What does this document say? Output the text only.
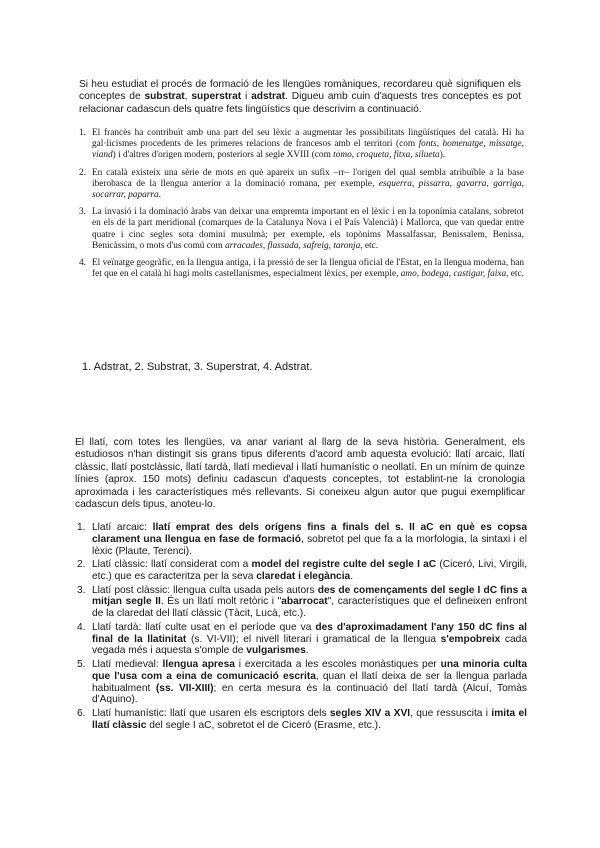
Si heu estudiat el procés de formació de les llengües romàniques, recordareu què signifiquen els conceptes de substrat, superstrat i adstrat. Digueu amb cuin d'aquests tres conceptes es pot relacionar cadascun dels quatre fets lingüístics que descrivim a continuació.

1. El francès ha contribuït amb una part del seu lèxic a augmentar les possibilitats lingüístiques del català. Hi ha gal·licismes procedents de les primeres relacions de francesos amb el territori (com fonts, homenatge, missatge, viand) i d'altres d'origen modern, posteriors al segle XVIII (com tomo, croqueta, fitxa, silueta).

2. En català existeix una sèrie de mots en què apareix un sufix –rr– l'origen del qual sembla atribuïble a la base iberobasca de la llengua anterior a la dominació romana, per exemple, esquerra, pissarra, gavarra, garriga, socarrar, paparra.

3. La invasió i la dominació àrabs van deixar una empremta important en el lèxic i en la toponímia catalans, sobretot en els de la part meridional (comarques de la Catalunya Nova i el País Valencià) i Mallorca, que van quedar entre quatre i cinc segles sota domini musulmà; per exemple, els topònims Massalfassar, Benissalem, Benissa, Benicàssim, o mots d'us comú com arracades, flassada, safreig, taronja, etc.

4. El veïnatge geogràfic, en la llengua antiga, i la pressió de ser la llengua oficial de l'Estat, en la llengua moderna, han fet que en el català hi hagi molts castellanismes, especialment lèxics, per exemple, amo, bodega, castigar, faixa, etc.

1. Adstrat, 2. Substrat, 3. Superstrat, 4. Adstrat.

El llatí, com totes les llengües, va anar variant al llarg de la seva història. Generalment, els estudiosos n'han distingit sis grans tipus diferents d'acord amb aquesta evolució: llatí arcaic, llatí clàssic, llatí postclàssic, llatí tardà, llatí medieval i llatí humanístic o neollatí. En un mínim de quinze línies (aprox. 150 mots) definiu cadascun d'aquests conceptes, tot establint-ne la cronologia aproximada i les característiques més rellevants. Si coneixeu algun autor que pugui exemplificar cadascun dels tipus, anoteu-lo.

1. Llatí arcaic: llatí emprat des dels orígens fins a finals del s. II aC en què es copsa clarament una llengua en fase de formació, sobretot pel que fa a la morfologia, la sintaxi i el lèxic (Plaute, Terenci).

2. Llatí clàssic: llatí considerat com a model del registre culte del segle I aC (Ciceró, Livi, Virgili, etc.) que es caracteritza per la seva claredat i elegància.

3. Llatí post clàssic: llengua culta usada pels autors des de començaments del segle I dC fins a mitjan segle II. És un llatí molt retòric i "abarrocat", característiques que el defineixen enfront de la claredat del llatí clàssic (Tàcit, Lucà, etc.).

4. Llatí tardà: llatí culte usat en el període que va des d'aproximadament l'any 150 dC fins al final de la llatinitat (s. VI-VII); el nivell literari i gramatical de la llengua s'empobreix cada vegada més i aquesta s'omple de vulgarismes.

5. Llatí medieval: llengua apresa i exercitada a les escoles monàstiques per una minoria culta que l'usa com a eina de comunicació escrita, quan el llatí deixa de ser la llengua parlada habitualment (ss. VII-XIII); en certa mesura és la continuació del llatí tardà (Alcuí, Tomàs d'Aquino).

6. Llatí humanístic: llatí que usaren els escriptors dels segles XIV a XVI, que ressuscita i imita el llatí clàssic del segle I aC, sobretot el de Ciceró (Erasme, etc.).
